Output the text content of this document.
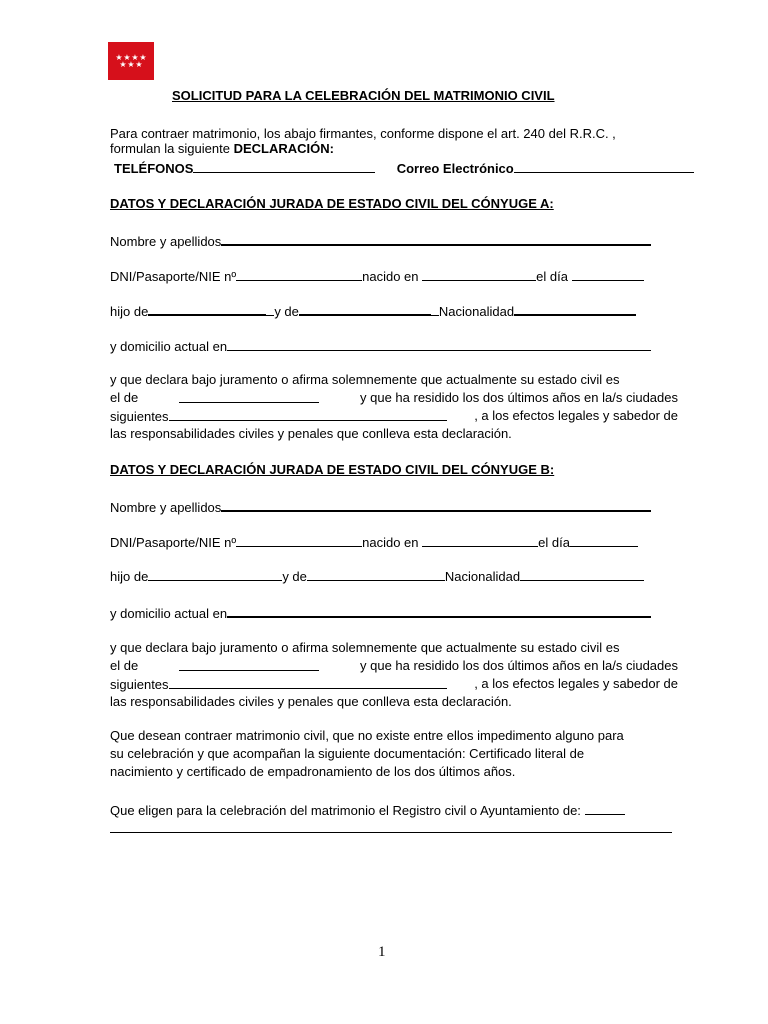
★ ★ ★ ★
★ ★ ★
SOLICITUD PARA LA CELEBRACIÓN DEL MATRIMONIO CIVIL
Para contraer matrimonio, los abajo firmantes, conforme dispone el art. 240 del R.R.C. ,
formulan la siguiente DECLARACIÓN:
TELÉFONOS	Correo Electrónico
DATOS Y DECLARACIÓN JURADA DE ESTADO CIVIL DEL CÓNYUGE A:
Nombre y apellidos
DNI/Pasaporte/NIE nº	nacido en	el día
hijo de	y de	Nacionalidad
y domicilio actual en
y que declara bajo juramento o afirma solemnemente que actualmente su estado civil es
el de	y que ha residido los dos últimos años en la/s ciudades
siguientes	, a los efectos legales y sabedor de
las responsabilidades civiles y penales que conlleva esta declaración.
DATOS Y DECLARACIÓN JURADA DE ESTADO CIVIL DEL CÓNYUGE B:
Nombre y apellidos
DNI/Pasaporte/NIE nº	nacido en	el día
hijo de	y de	Nacionalidad
y domicilio actual en
y que declara bajo juramento o afirma solemnemente que actualmente su estado civil es
el de	y que ha residido los dos últimos años en la/s ciudades
siguientes	, a los efectos legales y sabedor de
las responsabilidades civiles y penales que conlleva esta declaración.
Que desean contraer matrimonio civil, que no existe entre ellos impedimento alguno para
su celebración y que acompañan la siguiente documentación: Certificado literal de
nacimiento y certificado de empadronamiento de los dos últimos años.
Que eligen para la celebración del matrimonio el Registro civil o Ayuntamiento de:
1
